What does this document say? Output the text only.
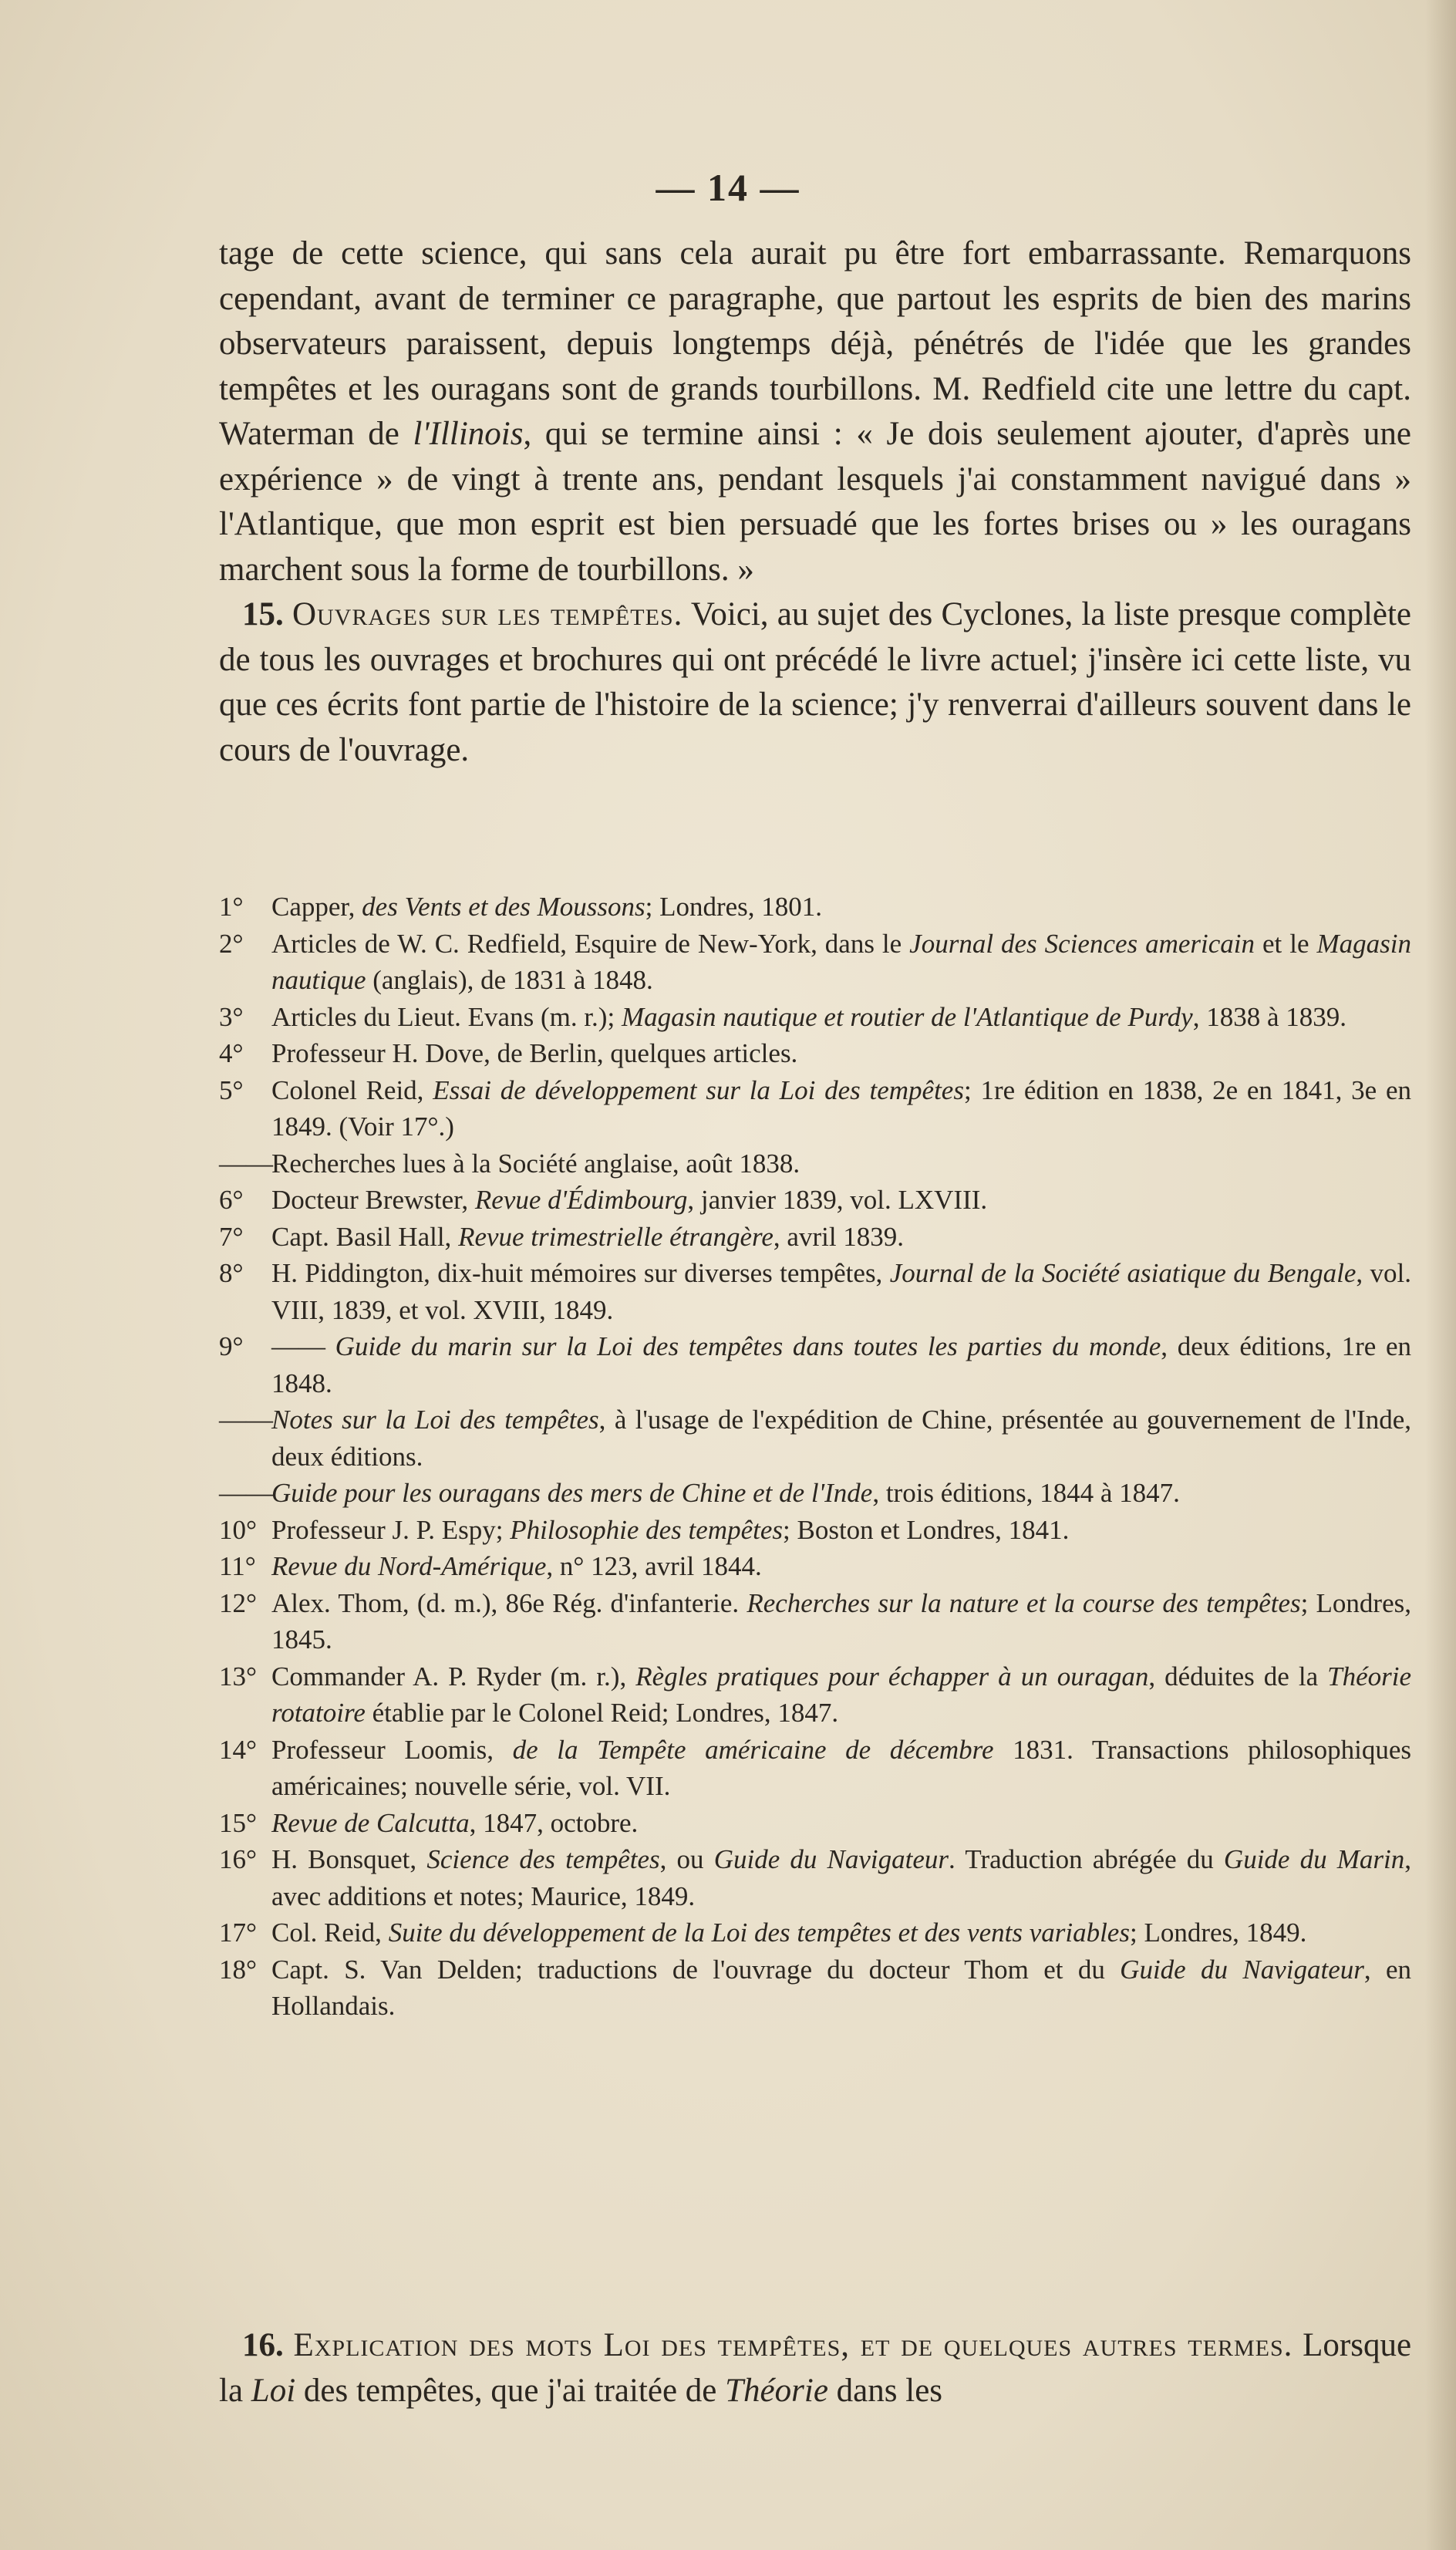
— 14 —

tage de cette science, qui sans cela aurait pu être fort embarrassante. Remarquons cependant, avant de terminer ce paragraphe, que partout les esprits de bien des marins observateurs paraissent, depuis longtemps déjà, pénétrés de l'idée que les grandes tempêtes et les ouragans sont de grands tourbillons. M. Redfield cite une lettre du capt. Waterman de l'Illinois, qui se termine ainsi : « Je dois seulement ajouter, d'après une expérience » de vingt à trente ans, pendant lesquels j'ai constamment navigué dans » l'Atlantique, que mon esprit est bien persuadé que les fortes brises ou » les ouragans marchent sous la forme de tourbillons. »

15. Ouvrages sur les tempêtes. Voici, au sujet des Cyclones, la liste presque complète de tous les ouvrages et brochures qui ont précédé le livre actuel; j'insère ici cette liste, vu que ces écrits font partie de l'histoire de la science; j'y renverrai d'ailleurs souvent dans le cours de l'ouvrage.

1° Capper, des Vents et des Moussons; Londres, 1801.

2° Articles de W. C. Redfield, Esquire de New-York, dans le Journal des Sciences americain et le Magasin nautique (anglais), de 1831 à 1848.

3° Articles du Lieut. Evans (m. r.); Magasin nautique et routier de l'Atlantique de Purdy, 1838 à 1839.

4° Professeur H. Dove, de Berlin, quelques articles.

5° Colonel Reid, Essai de développement sur la Loi des tempêtes; 1re édition en 1838, 2e en 1841, 3e en 1849. (Voir 17°.)

——
Recherches lues à la Société anglaise, août 1838.

6° Docteur Brewster, Revue d'Édimbourg, janvier 1839, vol. LXVIII.

7° Capt. Basil Hall, Revue trimestrielle étrangère, avril 1839.

8° H. Piddington, dix-huit mémoires sur diverses tempêtes, Journal de la Société asiatique du Bengale, vol. VIII, 1839, et vol. XVIII, 1849.

9° —— Guide du marin sur la Loi des tempêtes dans toutes les parties du monde, deux éditions, 1re en 1848.

——
Notes sur la Loi des tempêtes, à l'usage de l'expédition de Chine, présentée au gouvernement de l'Inde, deux éditions.

——
Guide pour les ouragans des mers de Chine et de l'Inde, trois éditions, 1844 à 1847.

10° Professeur J. P. Espy; Philosophie des tempêtes; Boston et Londres, 1841.

11° Revue du Nord-Amérique, n° 123, avril 1844.

12° Alex. Thom, (d. m.), 86e Rég. d'infanterie. Recherches sur la nature et la course des tempêtes; Londres, 1845.

13° Commander A. P. Ryder (m. r.), Règles pratiques pour échapper à un ouragan, déduites de la Théorie rotatoire établie par le Colonel Reid; Londres, 1847.

14° Professeur Loomis, de la Tempête américaine de décembre 1831. Transactions philosophiques américaines; nouvelle série, vol. VII.

15° Revue de Calcutta, 1847, octobre.

16° H. Bonsquet, Science des tempêtes, ou Guide du Navigateur. Traduction abrégée du Guide du Marin, avec additions et notes; Maurice, 1849.

17° Col. Reid, Suite du développement de la Loi des tempêtes et des vents variables; Londres, 1849.

18° Capt. S. Van Delden; traductions de l'ouvrage du docteur Thom et du Guide du Navigateur, en Hollandais.

16. Explication des mots Loi des tempêtes, et de quelques autres termes. Lorsque la Loi des tempêtes, que j'ai traitée de Théorie dans les
